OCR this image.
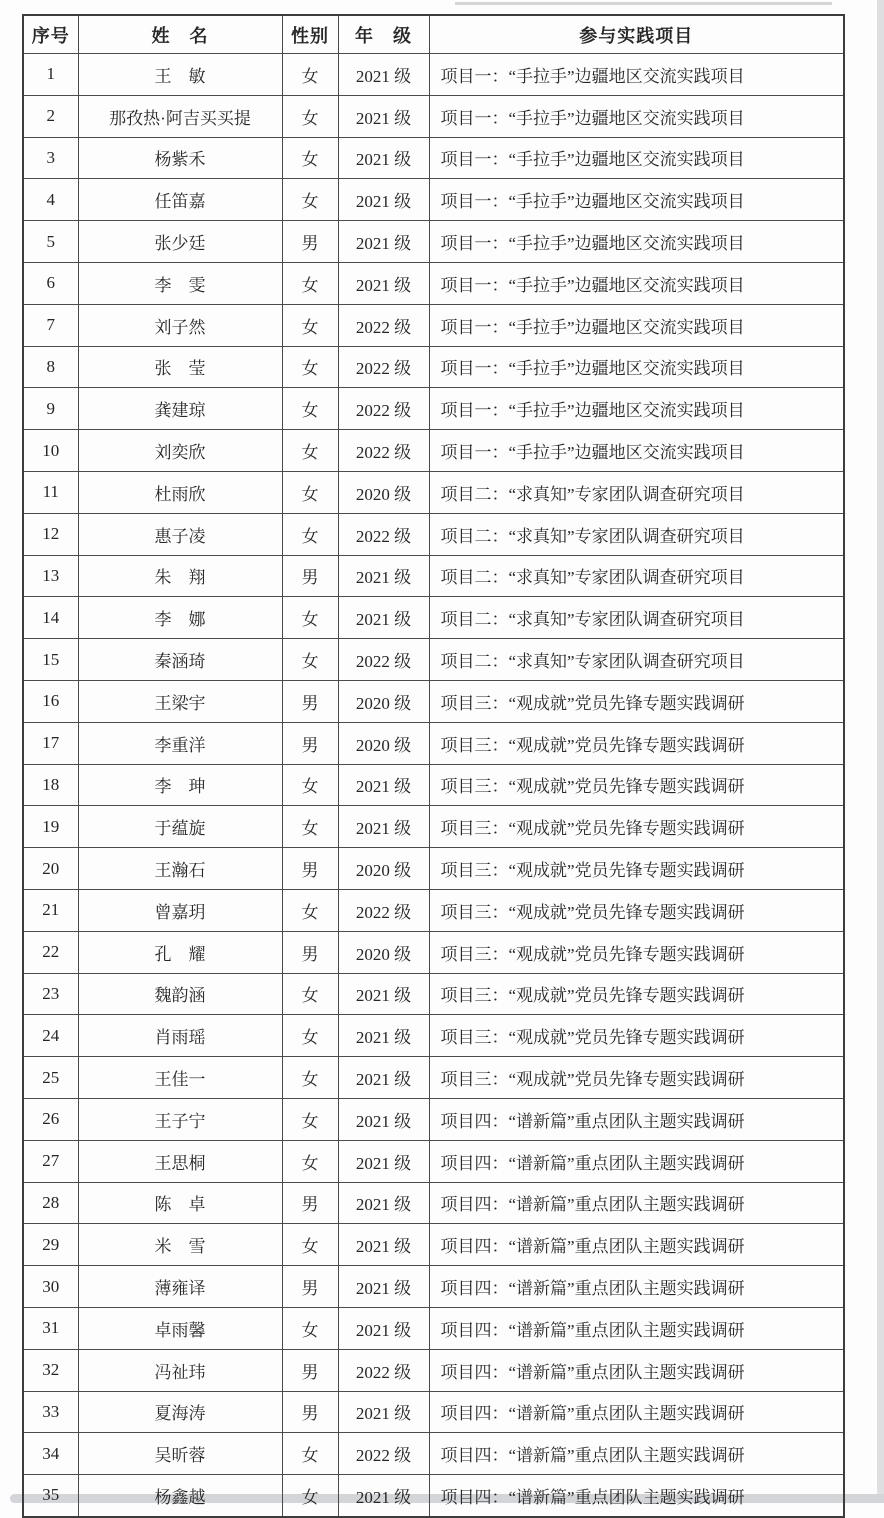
序号	姓　名	性别	年　级	参与实践项目
1	王　敏	女	2021 级	项目一：“手拉手”边疆地区交流实践项目
2	那孜热·阿吉买买提	女	2021 级	项目一：“手拉手”边疆地区交流实践项目
3	杨紫禾	女	2021 级	项目一：“手拉手”边疆地区交流实践项目
4	任笛嘉	女	2021 级	项目一：“手拉手”边疆地区交流实践项目
5	张少廷	男	2021 级	项目一：“手拉手”边疆地区交流实践项目
6	李　雯	女	2021 级	项目一：“手拉手”边疆地区交流实践项目
7	刘子然	女	2022 级	项目一：“手拉手”边疆地区交流实践项目
8	张　莹	女	2022 级	项目一：“手拉手”边疆地区交流实践项目
9	龚建琼	女	2022 级	项目一：“手拉手”边疆地区交流实践项目
10	刘奕欣	女	2022 级	项目一：“手拉手”边疆地区交流实践项目
11	杜雨欣	女	2020 级	项目二：“求真知”专家团队调查研究项目
12	惠子凌	女	2022 级	项目二：“求真知”专家团队调查研究项目
13	朱　翔	男	2021 级	项目二：“求真知”专家团队调查研究项目
14	李　娜	女	2021 级	项目二：“求真知”专家团队调查研究项目
15	秦涵琦	女	2022 级	项目二：“求真知”专家团队调查研究项目
16	王梁宇	男	2020 级	项目三：“观成就”党员先锋专题实践调研
17	李重洋	男	2020 级	项目三：“观成就”党员先锋专题实践调研
18	李　珅	女	2021 级	项目三：“观成就”党员先锋专题实践调研
19	于蕴旋	女	2021 级	项目三：“观成就”党员先锋专题实践调研
20	王瀚石	男	2020 级	项目三：“观成就”党员先锋专题实践调研
21	曾嘉玥	女	2022 级	项目三：“观成就”党员先锋专题实践调研
22	孔　耀	男	2020 级	项目三：“观成就”党员先锋专题实践调研
23	魏韵涵	女	2021 级	项目三：“观成就”党员先锋专题实践调研
24	肖雨瑶	女	2021 级	项目三：“观成就”党员先锋专题实践调研
25	王佳一	女	2021 级	项目三：“观成就”党员先锋专题实践调研
26	王子宁	女	2021 级	项目四：“谱新篇”重点团队主题实践调研
27	王思桐	女	2021 级	项目四：“谱新篇”重点团队主题实践调研
28	陈　卓	男	2021 级	项目四：“谱新篇”重点团队主题实践调研
29	米　雪	女	2021 级	项目四：“谱新篇”重点团队主题实践调研
30	薄雍译	男	2021 级	项目四：“谱新篇”重点团队主题实践调研
31	卓雨馨	女	2021 级	项目四：“谱新篇”重点团队主题实践调研
32	冯祉玮	男	2022 级	项目四：“谱新篇”重点团队主题实践调研
33	夏海涛	男	2021 级	项目四：“谱新篇”重点团队主题实践调研
34	吴昕蓉	女	2022 级	项目四：“谱新篇”重点团队主题实践调研
35	杨鑫越	女	2021 级	项目四：“谱新篇”重点团队主题实践调研
